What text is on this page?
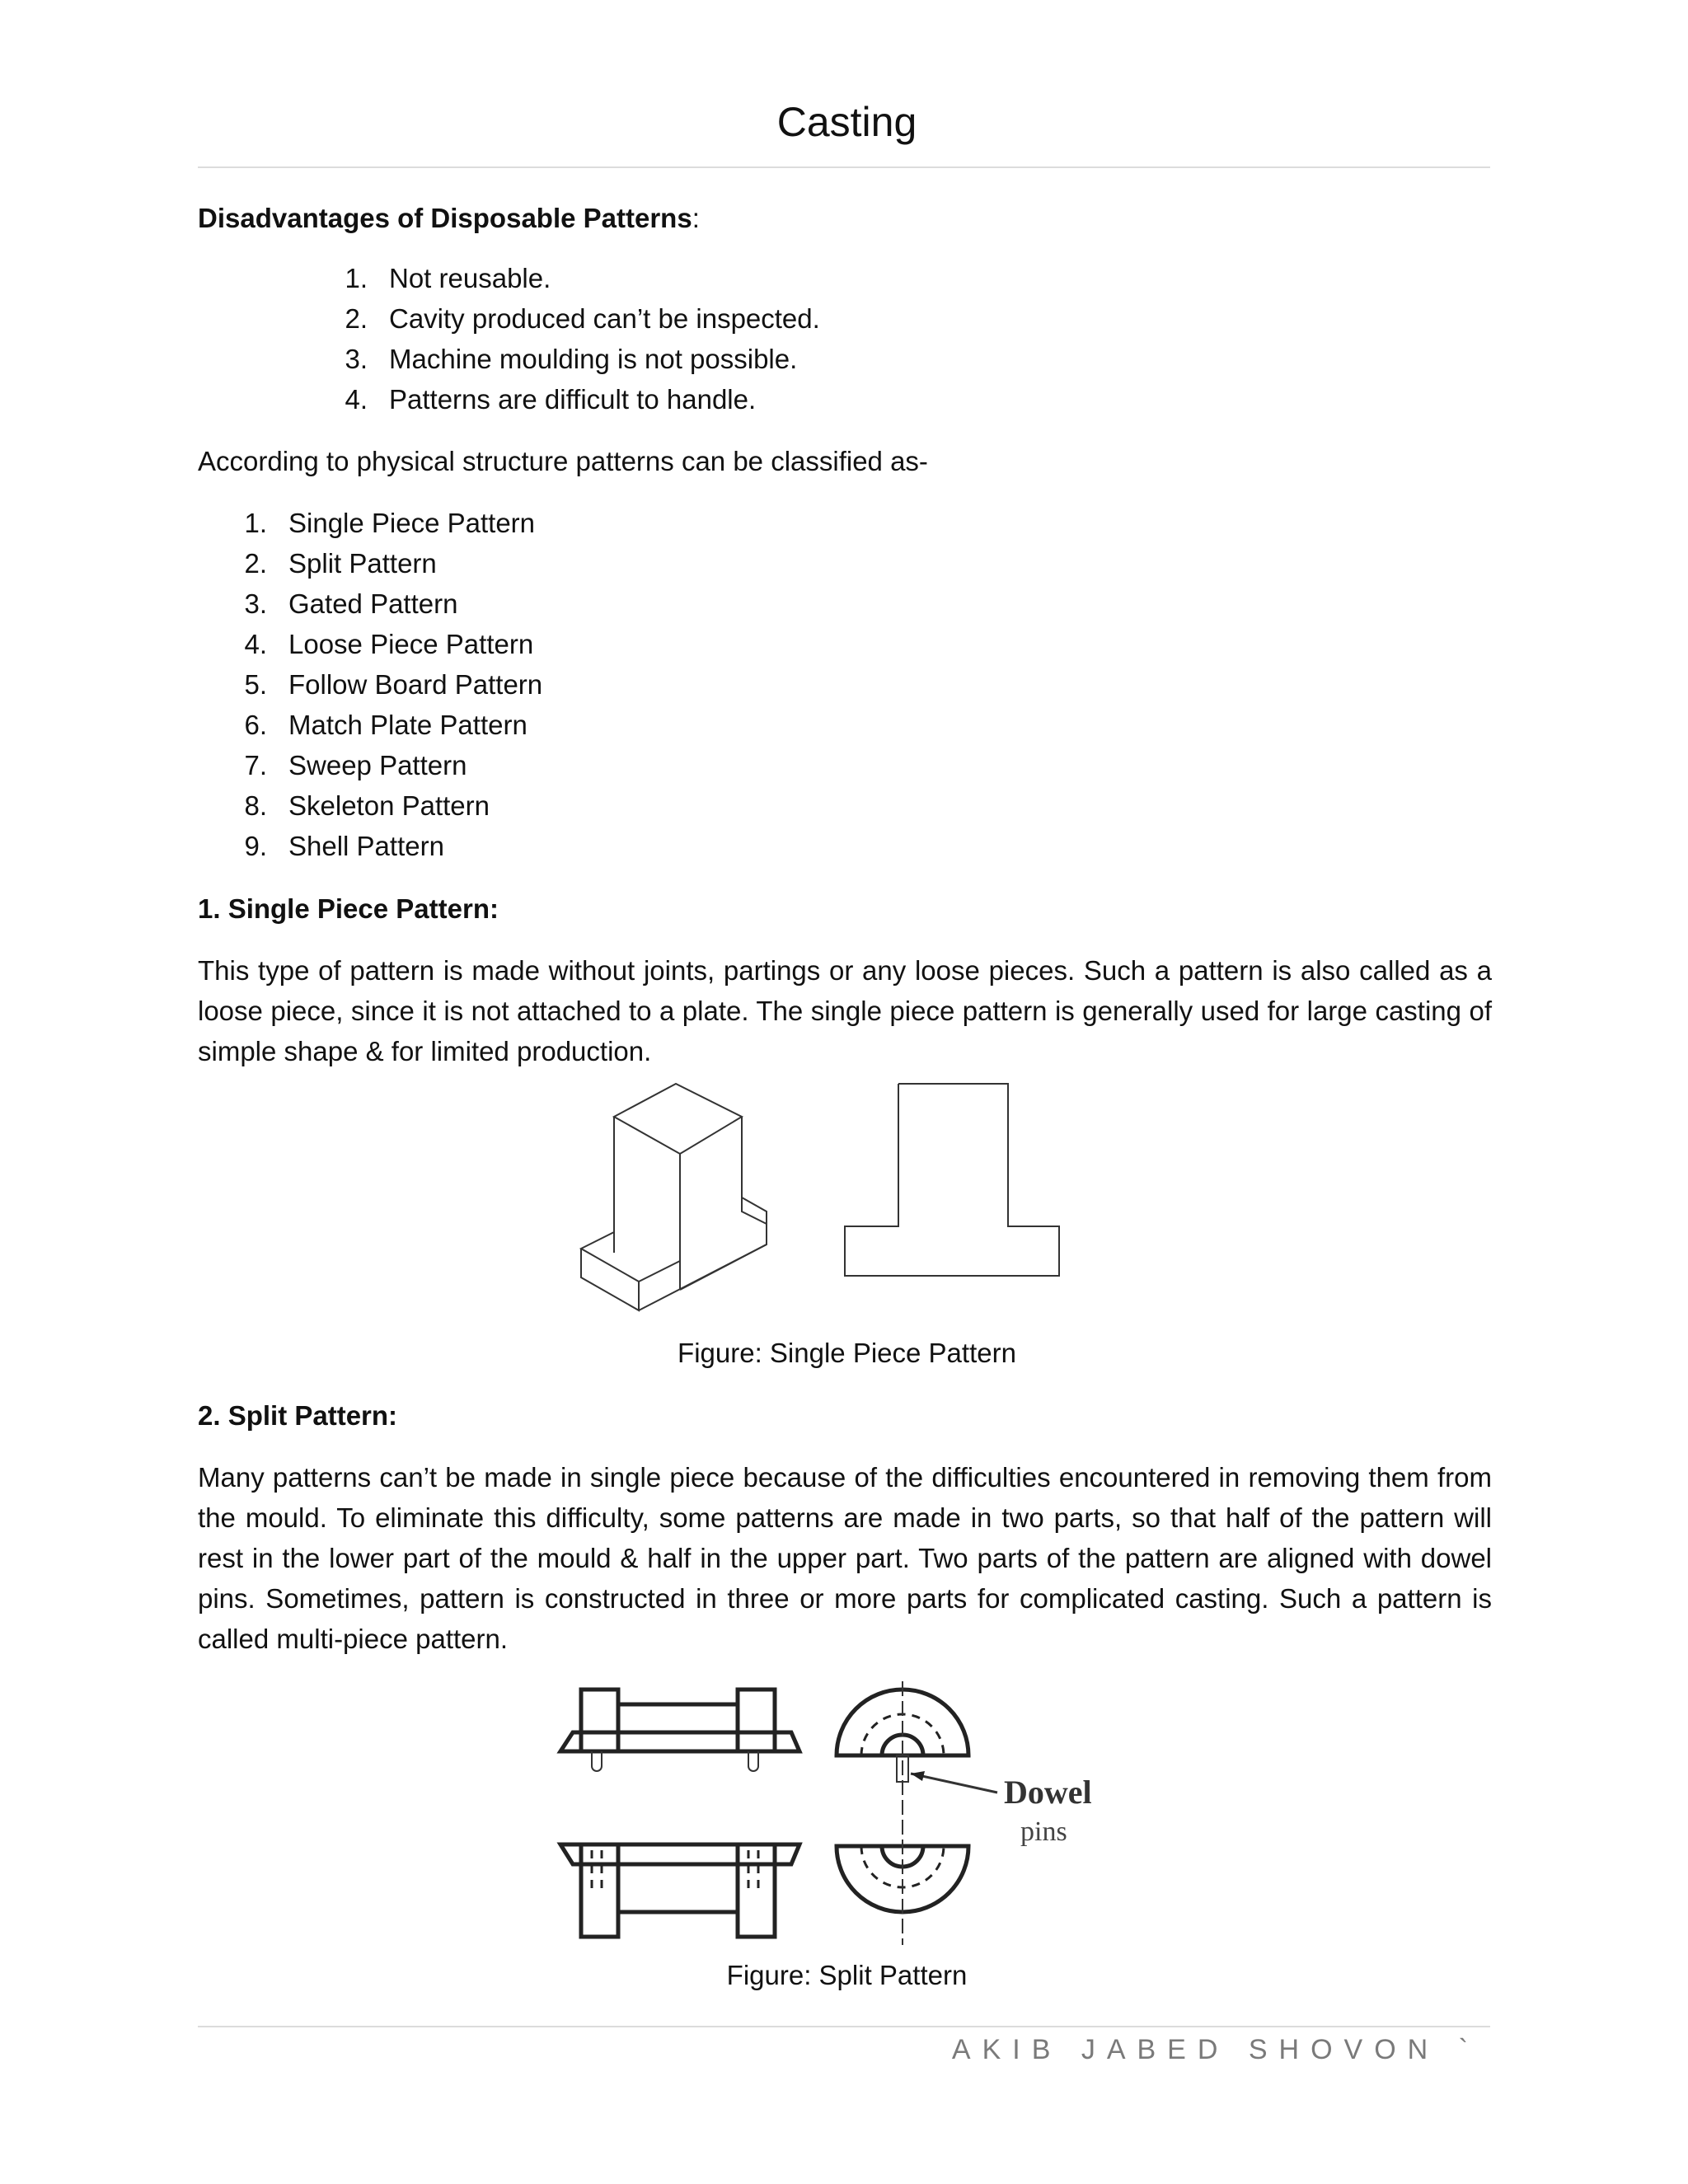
Casting

Disadvantages of Disposable Patterns:

1. Not reusable.
2. Cavity produced can’t be inspected.
3. Machine moulding is not possible.
4. Patterns are difficult to handle.

According to physical structure patterns can be classified as-

1. Single Piece Pattern
2. Split Pattern
3. Gated Pattern
4. Loose Piece Pattern
5. Follow Board Pattern
6. Match Plate Pattern
7. Sweep Pattern
8. Skeleton Pattern
9. Shell Pattern
1. Single Piece Pattern:

This type of pattern is made without joints, partings or any loose pieces. Such a pattern is also called as a loose piece, since it is not attached to a plate. The single piece pattern is generally used for large casting of simple shape & for limited production.

Figure: Single Piece Pattern

2. Split Pattern:

Many patterns can’t be made in single piece because of the difficulties encountered in removing them from the mould. To eliminate this difficulty, some patterns are made in two parts, so that half of the pattern will rest in the lower part of the mould & half in the upper part. Two parts of the pattern are aligned with dowel pins. Sometimes, pattern is constructed in three or more parts for complicated casting. Such a pattern is called multi-piece pattern.

Dowel
pins

Figure: Split Pattern

AKIB JABED SHOVON `
